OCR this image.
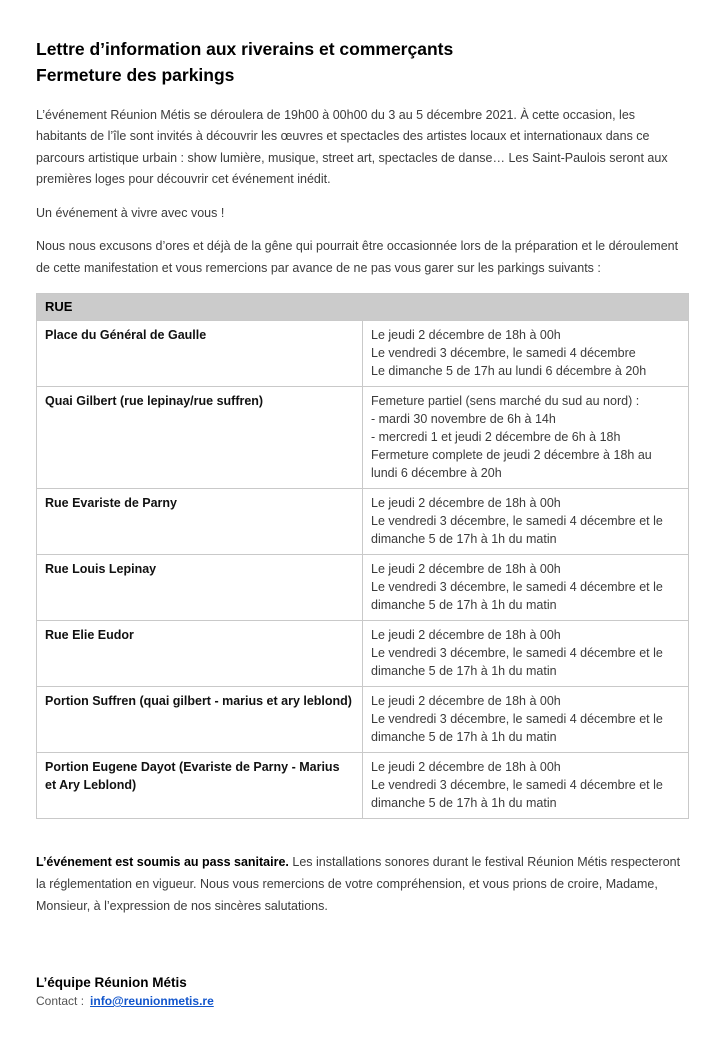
Lettre d’information aux riverains et commerçants
Fermeture des parkings

L’événement Réunion Métis se déroulera de 19h00 à 00h00 du 3 au 5 décembre 2021. À cette occasion, les habitants de l’île sont invités à découvrir les œuvres et spectacles des artistes locaux et internationaux dans ce parcours artistique urbain : show lumière, musique, street art, spectacles de danse… Les Saint-Paulois seront aux premières loges pour découvrir cet événement inédit.

Un événement à vivre avec vous !

Nous nous excusons d’ores et déjà de la gêne qui pourrait être occasionnée lors de la préparation et le déroulement de cette manifestation et vous remercions par avance de ne pas vous garer sur les parkings suivants :

RUE	
Place du Général de Gaulle	Le jeudi 2 décembre de 18h à 00h
Le vendredi 3 décembre, le samedi 4 décembre
Le dimanche 5 de 17h au lundi 6 décembre à 20h

Quai Gilbert (rue lepinay/rue suffren)	Femeture partiel (sens marché du sud au nord) :
- mardi 30 novembre de 6h à 14h
- mercredi 1 et jeudi 2 décembre de 6h à 18h
Fermeture complete de jeudi 2 décembre à 18h au lundi 6 décembre à 20h

Rue Evariste de Parny	Le jeudi 2 décembre de 18h à 00h
Le vendredi 3 décembre, le samedi 4 décembre et le dimanche 5 de 17h à 1h du matin

Rue Louis Lepinay	Le jeudi 2 décembre de 18h à 00h
Le vendredi 3 décembre, le samedi 4 décembre et le dimanche 5 de 17h à 1h du matin

Rue Elie Eudor	Le jeudi 2 décembre de 18h à 00h
Le vendredi 3 décembre, le samedi 4 décembre et le dimanche 5 de 17h à 1h du matin

Portion Suffren (quai gilbert - marius et ary leblond)	Le jeudi 2 décembre de 18h à 00h
Le vendredi 3 décembre, le samedi 4 décembre et le dimanche 5 de 17h à 1h du matin

Portion Eugene Dayot (Evariste de Parny - Marius et Ary Leblond)	Le jeudi 2 décembre de 18h à 00h
Le vendredi 3 décembre, le samedi 4 décembre et le dimanche 5 de 17h à 1h du matin

L’événement est soumis au pass sanitaire. Les installations sonores durant le festival Réunion Métis respecteront la réglementation en vigueur. Nous vous remercions de votre compréhension, et vous prions de croire, Madame, Monsieur, à l’expression de nos sincères salutations.

L’équipe Réunion Métis
Contact : info@reunionmetis.re
